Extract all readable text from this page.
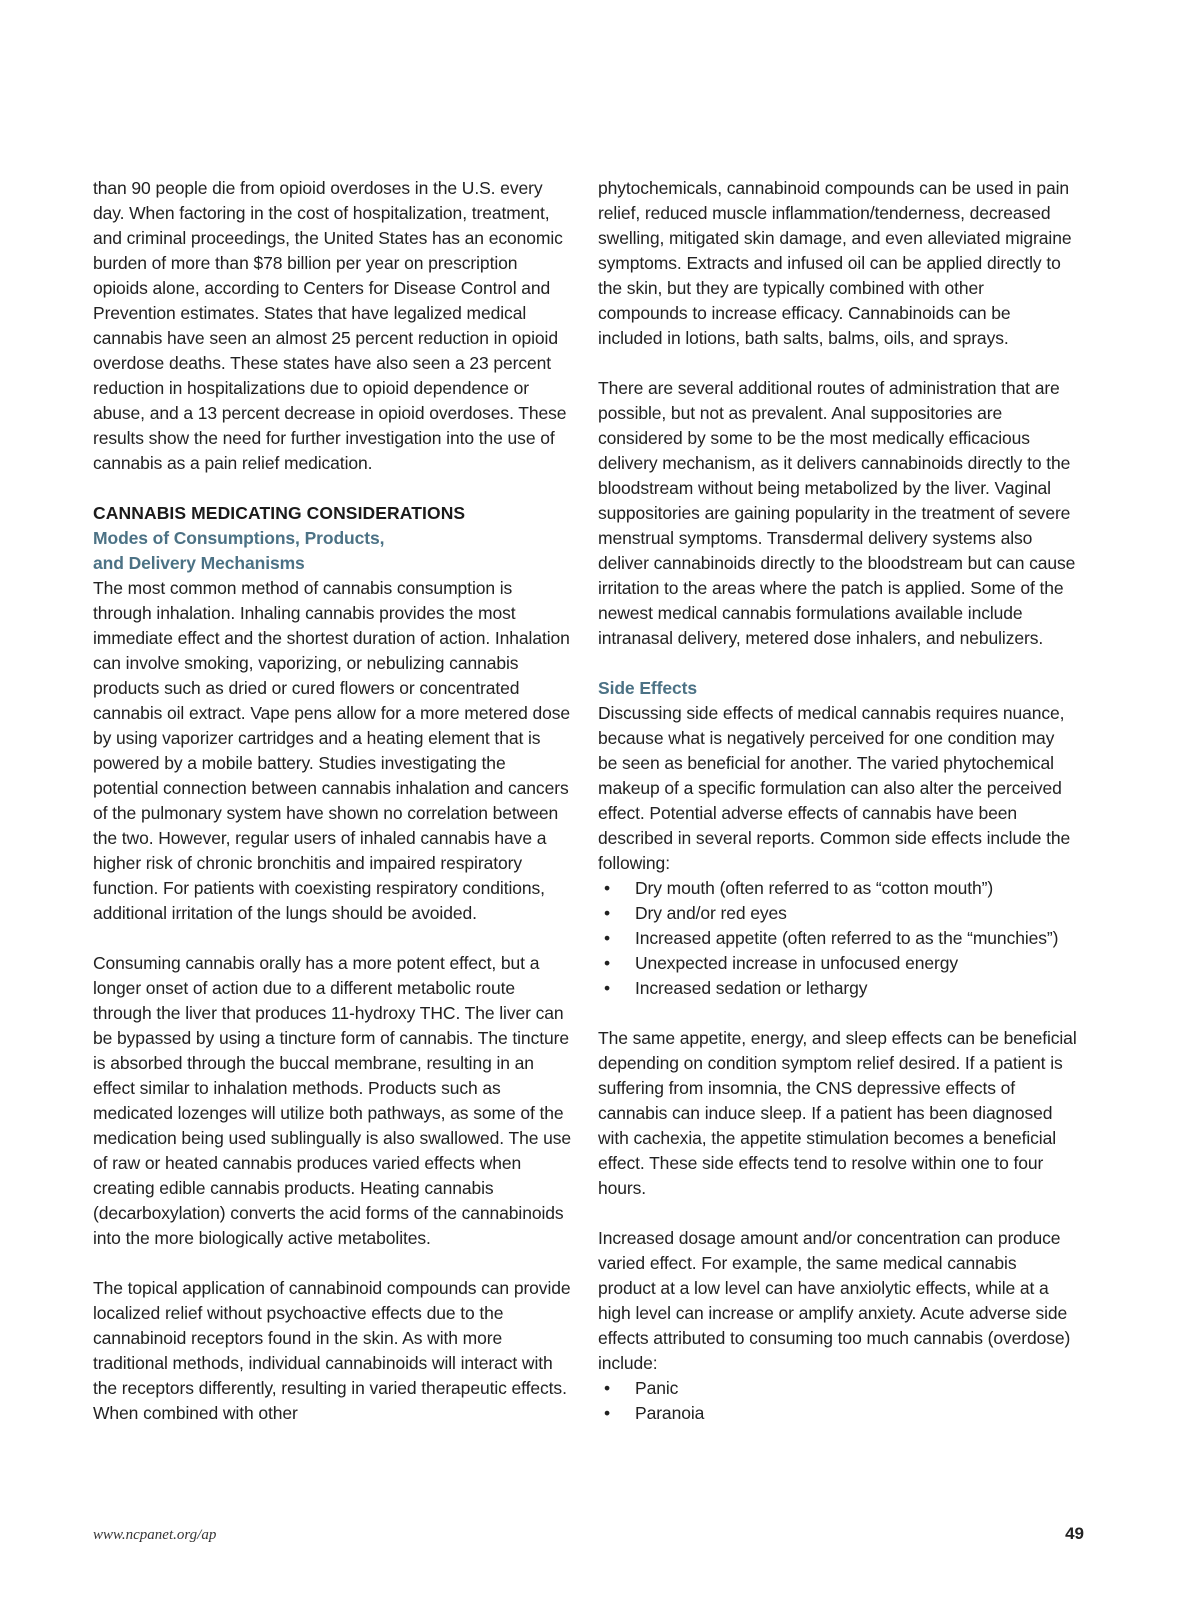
than 90 people die from opioid overdoses in the U.S. every day. When factoring in the cost of hospitalization, treatment, and criminal proceedings, the United States has an economic burden of more than $78 billion per year on prescription opioids alone, according to Centers for Disease Control and Prevention estimates. States that have legalized medical cannabis have seen an almost 25 percent reduction in opioid overdose deaths. These states have also seen a 23 percent reduction in hospitalizations due to opioid dependence or abuse, and a 13 percent decrease in opioid overdoses. These results show the need for further investigation into the use of cannabis as a pain relief medication.

CANNABIS MEDICATING CONSIDERATIONS
Modes of Consumptions, Products,
and Delivery Mechanisms

The most common method of cannabis consumption is through inhalation. Inhaling cannabis provides the most immediate effect and the shortest duration of action. Inhalation can involve smoking, vaporizing, or nebulizing cannabis products such as dried or cured flowers or concentrated cannabis oil extract. Vape pens allow for a more metered dose by using vaporizer cartridges and a heating element that is powered by a mobile battery. Studies investigating the potential connection between cannabis inhalation and cancers of the pulmonary system have shown no correlation between the two. However, regular users of inhaled cannabis have a higher risk of chronic bronchitis and impaired respiratory function. For patients with coexisting respiratory conditions, additional irritation of the lungs should be avoided.

Consuming cannabis orally has a more potent effect, but a longer onset of action due to a different metabolic route through the liver that produces 11-hydroxy THC. The liver can be bypassed by using a tincture form of cannabis. The tincture is absorbed through the buccal membrane, resulting in an effect similar to inhalation methods. Products such as medicated lozenges will utilize both pathways, as some of the medication being used sublingually is also swallowed. The use of raw or heated cannabis produces varied effects when creating edible cannabis products. Heating cannabis (decarboxylation) converts the acid forms of the cannabinoids into the more biologically active metabolites.

The topical application of cannabinoid compounds can provide localized relief without psychoactive effects due to the cannabinoid receptors found in the skin. As with more traditional methods, individual cannabinoids will interact with the receptors differently, resulting in varied therapeutic effects. When combined with other

phytochemicals, cannabinoid compounds can be used in pain relief, reduced muscle inflammation/tenderness, decreased swelling, mitigated skin damage, and even alleviated migraine symptoms. Extracts and infused oil can be applied directly to the skin, but they are typically combined with other compounds to increase efficacy. Cannabinoids can be included in lotions, bath salts, balms, oils, and sprays.

There are several additional routes of administration that are possible, but not as prevalent. Anal suppositories are considered by some to be the most medically efficacious delivery mechanism, as it delivers cannabinoids directly to the bloodstream without being metabolized by the liver. Vaginal suppositories are gaining popularity in the treatment of severe menstrual symptoms. Transdermal delivery systems also deliver cannabinoids directly to the bloodstream but can cause irritation to the areas where the patch is applied. Some of the newest medical cannabis formulations available include intranasal delivery, metered dose inhalers, and nebulizers.

Side Effects

Discussing side effects of medical cannabis requires nuance, because what is negatively perceived for one condition may be seen as beneficial for another. The varied phytochemical makeup of a specific formulation can also alter the perceived effect. Potential adverse effects of cannabis have been described in several reports. Common side effects include the following:

• Dry mouth (often referred to as “cotton mouth”)
• Dry and/or red eyes
• Increased appetite (often referred to as the “munchies”)
• Unexpected increase in unfocused energy
• Increased sedation or lethargy

The same appetite, energy, and sleep effects can be beneficial depending on condition symptom relief desired. If a patient is suffering from insomnia, the CNS depressive effects of cannabis can induce sleep. If a patient has been diagnosed with cachexia, the appetite stimulation becomes a beneficial effect. These side effects tend to resolve within one to four hours.

Increased dosage amount and/or concentration can produce varied effect. For example, the same medical cannabis product at a low level can have anxiolytic effects, while at a high level can increase or amplify anxiety. Acute adverse side effects attributed to consuming too much cannabis (overdose) include:

• Panic
• Paranoia
www.ncpanet.org/ap	49
